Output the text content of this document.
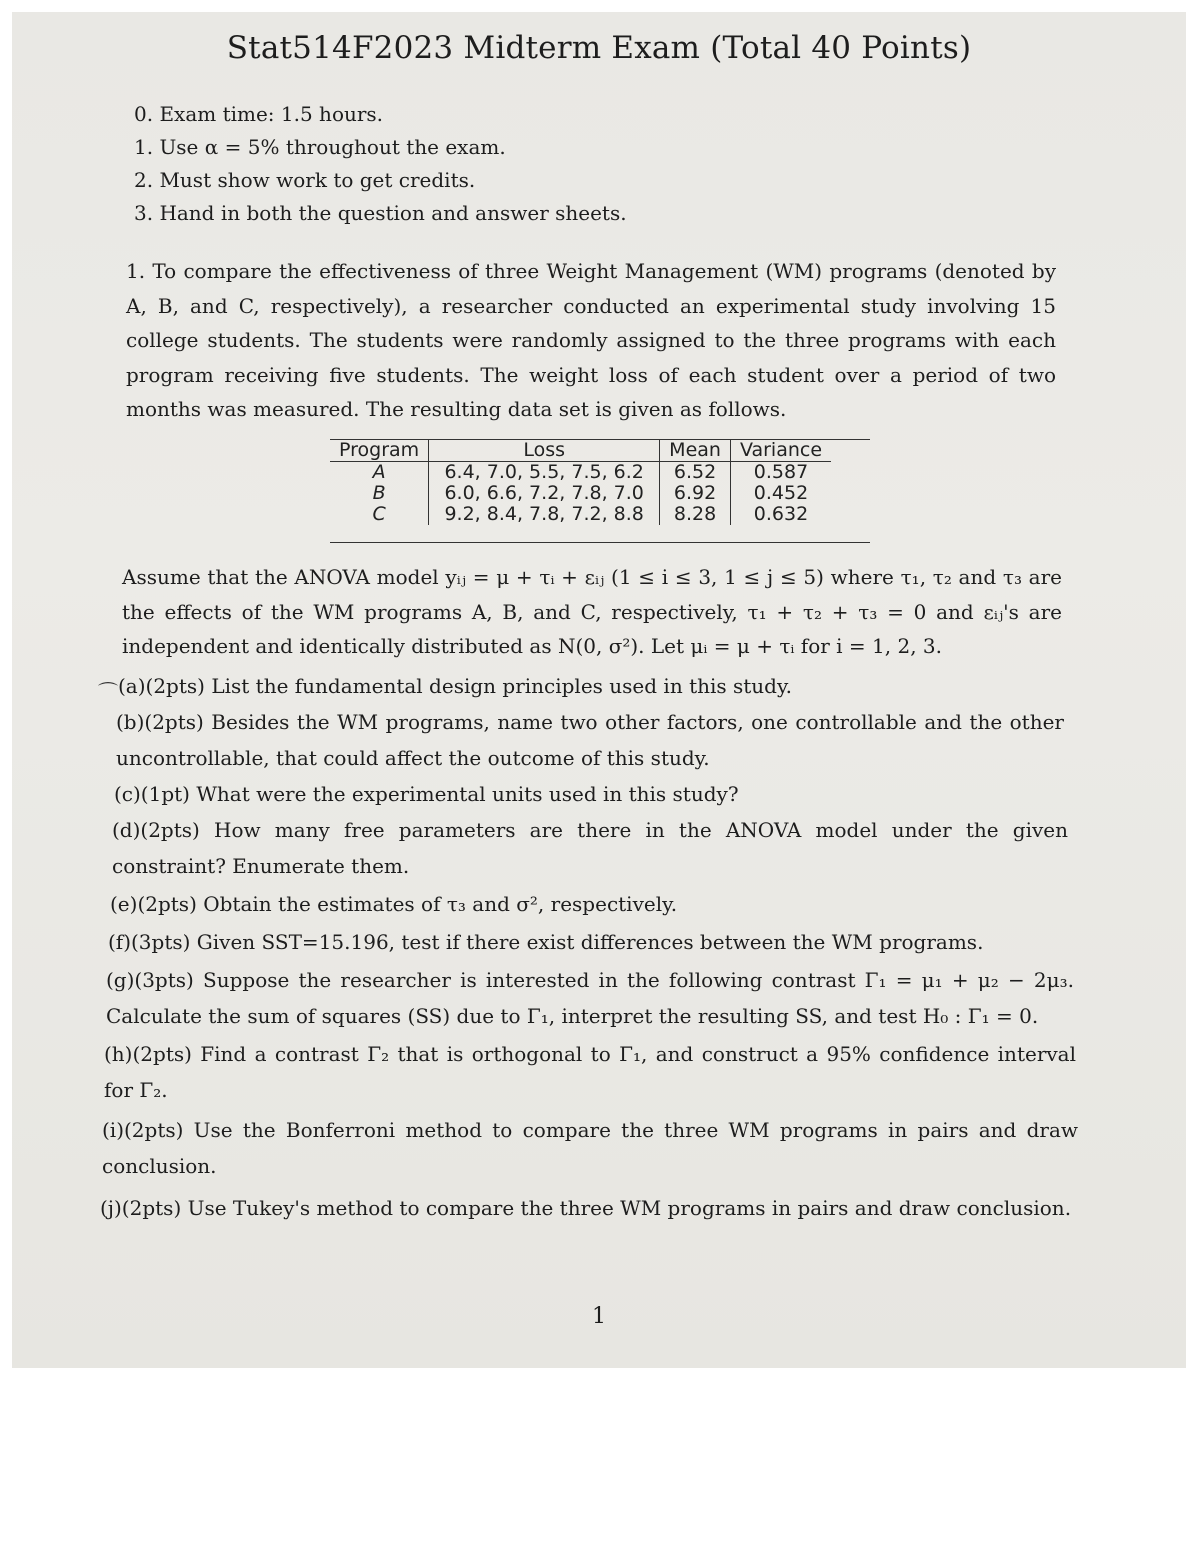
Stat514F2023 Midterm Exam (Total 40 Points)
0. Exam time: 1.5 hours.
1. Use α = 5% throughout the exam.
2. Must show work to get credits.
3. Hand in both the question and answer sheets.
1. To compare the effectiveness of three Weight Management (WM) programs (denoted by A, B, and C, respectively), a researcher conducted an experimental study involving 15 college students. The students were randomly assigned to the three programs with each program receiving five students. The weight loss of each student over a period of two months was measured. The resulting data set is given as follows.
Program	Loss	Mean	Variance
A	6.4, 7.0, 5.5, 7.5, 6.2	6.52	0.587
B	6.0, 6.6, 7.2, 7.8, 7.0	6.92	0.452
C	9.2, 8.4, 7.8, 7.2, 8.8	8.28	0.632
Assume that the ANOVA model yᵢⱼ = μ + τᵢ + εᵢⱼ (1 ≤ i ≤ 3, 1 ≤ j ≤ 5) where τ₁, τ₂ and τ₃ are the effects of the WM programs A, B, and C, respectively, τ₁ + τ₂ + τ₃ = 0 and εᵢⱼ's are independent and identically distributed as N(0, σ²). Let μᵢ = μ + τᵢ for i = 1, 2, 3.
⌒ (a)(2pts) List the fundamental design principles used in this study.
(b)(2pts) Besides the WM programs, name two other factors, one controllable and the other uncontrollable, that could affect the outcome of this study.
(c)(1pt) What were the experimental units used in this study?
(d)(2pts) How many free parameters are there in the ANOVA model under the given constraint? Enumerate them.
(e)(2pts) Obtain the estimates of τ₃ and σ², respectively.
(f)(3pts) Given SST=15.196, test if there exist differences between the WM programs.
(g)(3pts) Suppose the researcher is interested in the following contrast Γ₁ = μ₁ + μ₂ − 2μ₃. Calculate the sum of squares (SS) due to Γ₁, interpret the resulting SS, and test H₀ : Γ₁ = 0.
(h)(2pts) Find a contrast Γ₂ that is orthogonal to Γ₁, and construct a 95% confidence interval for Γ₂.
(i)(2pts) Use the Bonferroni method to compare the three WM programs in pairs and draw conclusion.
(j)(2pts) Use Tukey's method to compare the three WM programs in pairs and draw conclusion.
1
